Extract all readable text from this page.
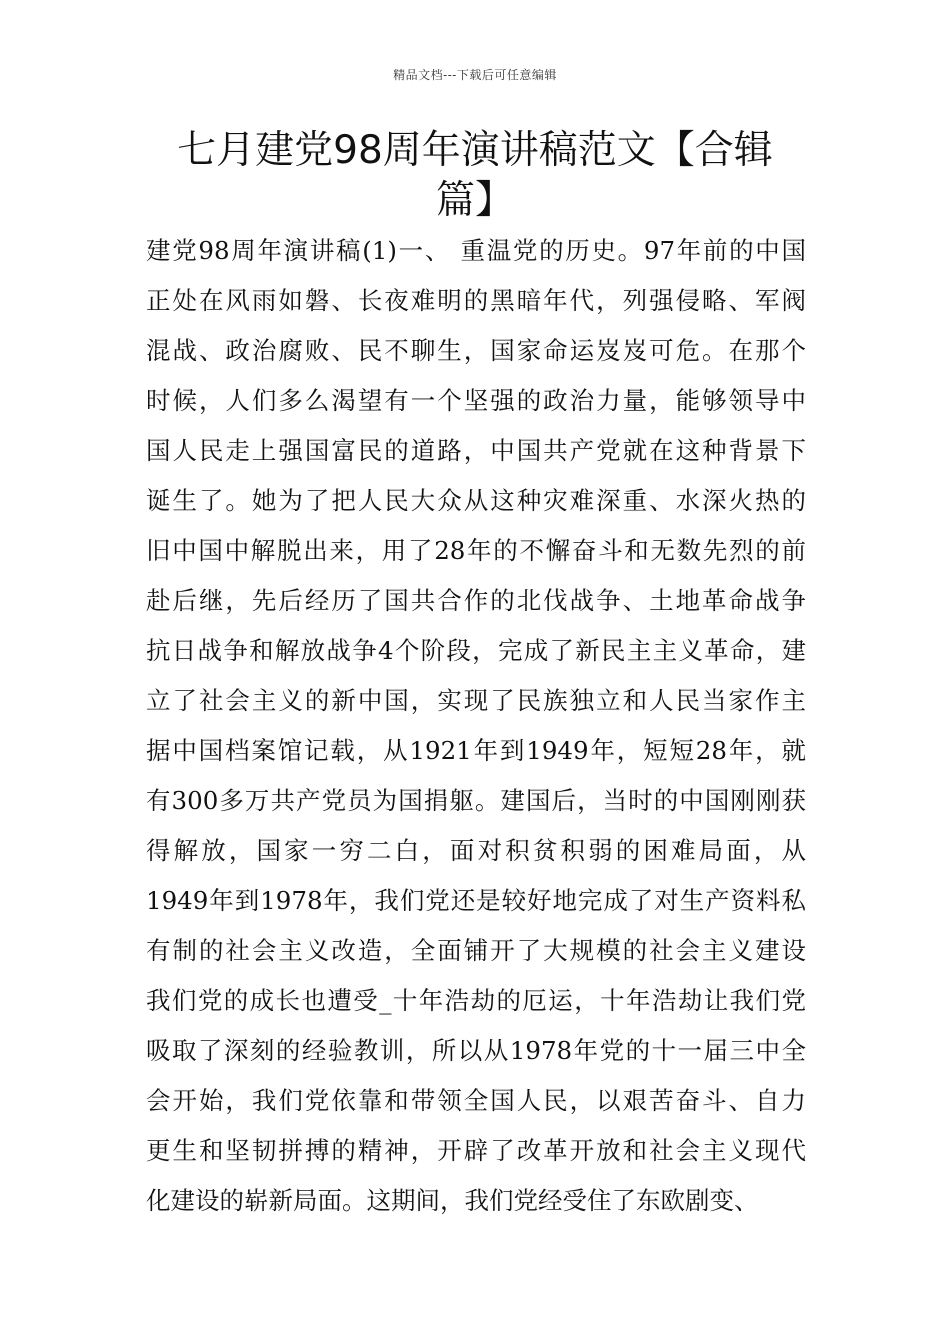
精品文档---下载后可任意编辑
七月建党98周年演讲稿范文【合辑
篇】
建党98周年演讲稿(1)一、 重温党的历史。97年前的中国
正处在风雨如磐、长夜难明的黑暗年代，列强侵略、军阀
混战、政治腐败、民不聊生，国家命运岌岌可危。在那个
时候，人们多么渴望有一个坚强的政治力量，能够领导中
国人民走上强国富民的道路，中国共产党就在这种背景下
诞生了。她为了把人民大众从这种灾难深重、水深火热的
旧中国中解脱出来，用了28年的不懈奋斗和无数先烈的前
赴后继，先后经历了国共合作的北伐战争、土地革命战争
抗日战争和解放战争4个阶段，完成了新民主主义革命，建
立了社会主义的新中国，实现了民族独立和人民当家作主
据中国档案馆记载，从1921年到1949年，短短28年，就
有300多万共产党员为国捐躯。建国后，当时的中国刚刚获
得解放，国家一穷二白，面对积贫积弱的困难局面，从
1949年到1978年，我们党还是较好地完成了对生产资料私
有制的社会主义改造，全面铺开了大规模的社会主义建设
我们党的成长也遭受_十年浩劫的厄运，十年浩劫让我们党
吸取了深刻的经验教训，所以从1978年党的十一届三中全
会开始，我们党依靠和带领全国人民，以艰苦奋斗、自力
更生和坚韧拼搏的精神，开辟了改革开放和社会主义现代
化建设的崭新局面。这期间，我们党经受住了东欧剧变、
